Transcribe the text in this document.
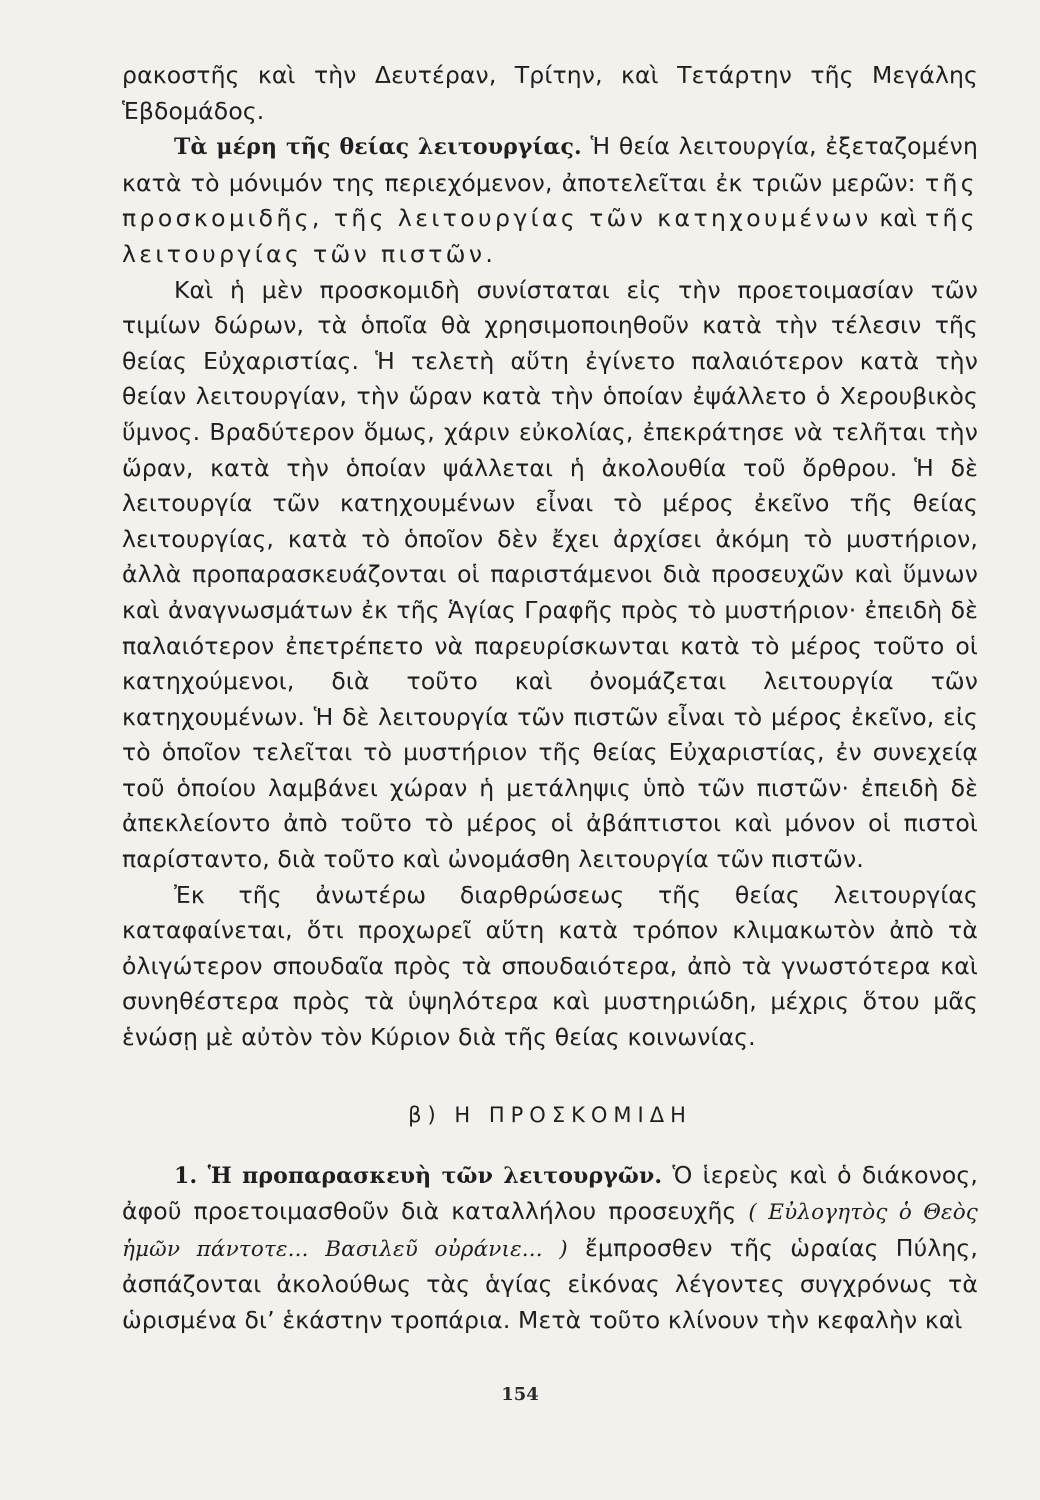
ρακοστῆς καὶ τὴν Δευτέραν, Τρίτην, καὶ Τετάρτην τῆς Μεγάλης Ἑβδομάδος.

Τὰ μέρη τῆς θείας λειτουργίας. Ἡ θεία λειτουργία, ἐξεταζομένη κατὰ τὸ μόνιμόν της περιεχόμενον, ἀποτελεῖται ἐκ τριῶν μερῶν: τῆς προσκομιδῆς, τῆς λειτουργίας τῶν κατηχουμένων καὶ τῆς λειτουργίας τῶν πιστῶν.

Καὶ ἡ μὲν προσκομιδὴ συνίσταται εἰς τὴν προετοιμασίαν τῶν τιμίων δώρων, τὰ ὁποῖα θὰ χρησιμοποιηθοῦν κατὰ τὴν τέλεσιν τῆς θείας Εὐχαριστίας. Ἡ τελετὴ αὕτη ἐγίνετο παλαιότερον κατὰ τὴν θείαν λειτουργίαν, τὴν ὥραν κατὰ τὴν ὁποίαν ἐψάλλετο ὁ Χερουβικὸς ὕμνος. Βραδύτερον ὅμως, χάριν εὐκολίας, ἐπεκράτησε νὰ τελῆται τὴν ὥραν, κατὰ τὴν ὁποίαν ψάλλεται ἡ ἀκολουθία τοῦ ὄρθρου. Ἡ δὲ λειτουργία τῶν κατηχουμένων εἶναι τὸ μέρος ἐκεῖνο τῆς θείας λειτουργίας, κατὰ τὸ ὁποῖον δὲν ἔχει ἀρχίσει ἀκόμη τὸ μυστήριον, ἀλλὰ προπαρασκευάζονται οἱ παριστάμενοι διὰ προσευχῶν καὶ ὕμνων καὶ ἀναγνωσμάτων ἐκ τῆς Ἁγίας Γραφῆς πρὸς τὸ μυστήριον· ἐπειδὴ δὲ παλαιότερον ἐπετρέπετο νὰ παρευρίσκωνται κατὰ τὸ μέρος τοῦτο οἱ κατηχούμενοι, διὰ τοῦτο καὶ ὀνομάζεται λειτουργία τῶν κατηχουμένων. Ἡ δὲ λειτουργία τῶν πιστῶν εἶναι τὸ μέρος ἐκεῖνο, εἰς τὸ ὁποῖον τελεῖται τὸ μυστήριον τῆς θείας Εὐχαριστίας, ἐν συνεχείᾳ τοῦ ὁποίου λαμβάνει χώραν ἡ μετάληψις ὑπὸ τῶν πιστῶν· ἐπειδὴ δὲ ἀπεκλείοντο ἀπὸ τοῦτο τὸ μέρος οἱ ἀβάπτιστοι καὶ μόνον οἱ πιστοὶ παρίσταντο, διὰ τοῦτο καὶ ὠνομάσθη λειτουργία τῶν πιστῶν.

Ἐκ τῆς ἀνωτέρω διαρθρώσεως τῆς θείας λειτουργίας καταφαίνεται, ὅτι προχωρεῖ αὕτη κατὰ τρόπον κλιμακωτὸν ἀπὸ τὰ ὀλιγώτερον σπουδαῖα πρὸς τὰ σπουδαιότερα, ἀπὸ τὰ γνωστότερα καὶ συνηθέστερα πρὸς τὰ ὑψηλότερα καὶ μυστηριώδη, μέχρις ὅτου μᾶς ἑνώσῃ μὲ αὐτὸν τὸν Κύριον διὰ τῆς θείας κοινωνίας.

β) Η ΠΡΟΣΚΟΜΙΔΗ

1. Ἡ προπαρασκευὴ τῶν λειτουργῶν. Ὁ ἱερεὺς καὶ ὁ διάκονος, ἀφοῦ προετοιμασθοῦν διὰ καταλλήλου προσευχῆς ( Εὐλογητὸς ὁ Θεὸς ἡμῶν πάντοτε... Βασιλεῦ οὐράνιε... ) ἔμπροσθεν τῆς ὡραίας Πύλης, ἀσπάζονται ἀκολούθως τὰς ἁγίας εἰκόνας λέγοντες συγχρόνως τὰ ὡρισμένα δι’ ἑκάστην τροπάρια. Μετὰ τοῦτο κλίνουν τὴν κεφαλὴν καὶ

154
